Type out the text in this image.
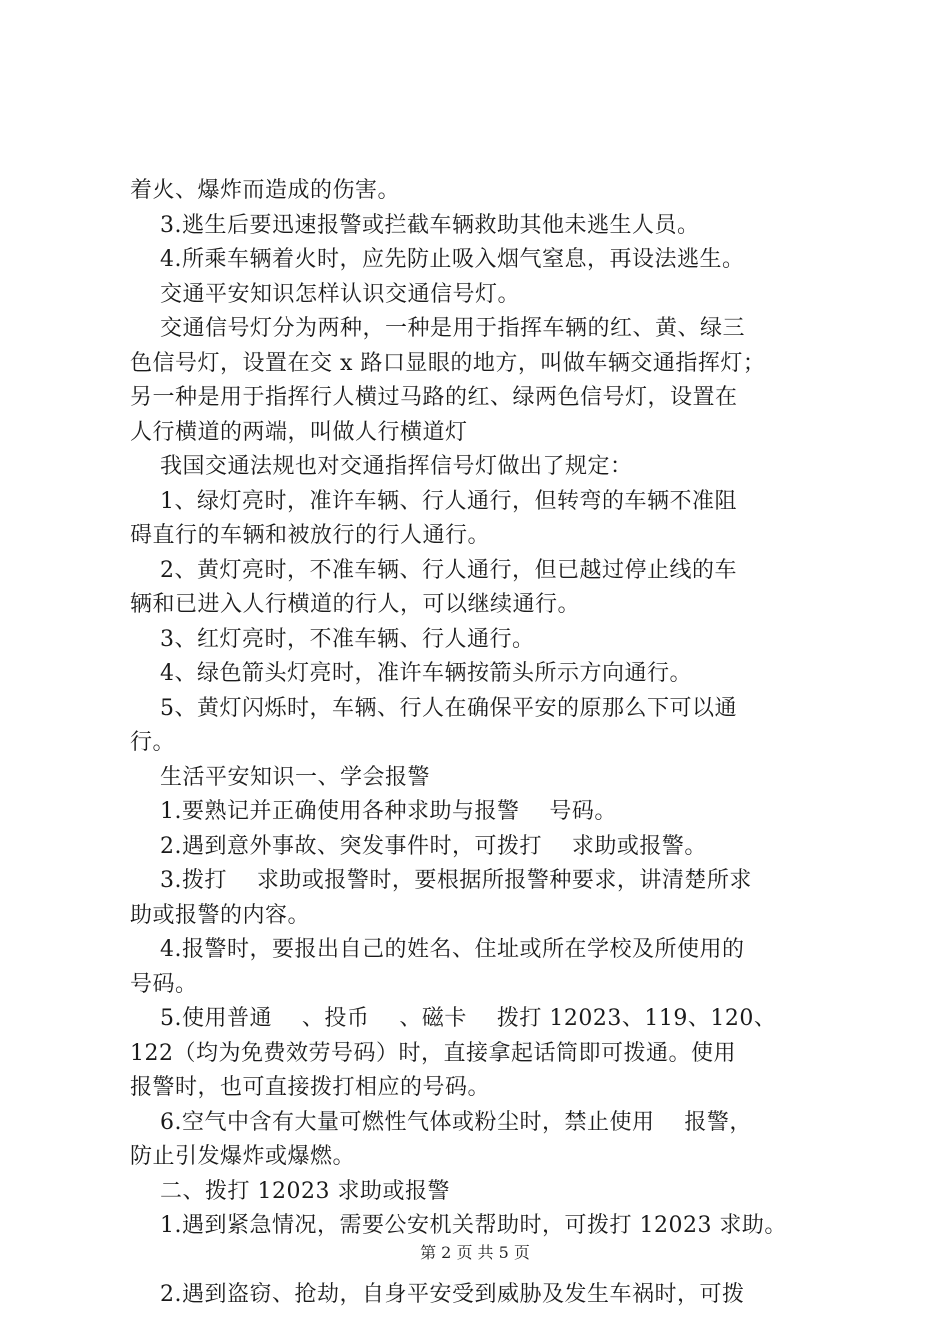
着火、爆炸而造成的伤害。
3.逃生后要迅速报警或拦截车辆救助其他未逃生人员。
4.所乘车辆着火时，应先防止吸入烟气窒息，再设法逃生。
交通平安知识怎样认识交通信号灯。
交通信号灯分为两种，一种是用于指挥车辆的红、黄、绿三
色信号灯，设置在交 x 路口显眼的地方，叫做车辆交通指挥灯；
另一种是用于指挥行人横过马路的红、绿两色信号灯，设置在
人行横道的两端，叫做人行横道灯
我国交通法规也对交通指挥信号灯做出了规定：
1、绿灯亮时，准许车辆、行人通行，但转弯的车辆不准阻
碍直行的车辆和被放行的行人通行。
2、黄灯亮时，不准车辆、行人通行，但已越过停止线的车
辆和已进入人行横道的行人，可以继续通行。
3、红灯亮时，不准车辆、行人通行。
4、绿色箭头灯亮时，准许车辆按箭头所示方向通行。
5、黄灯闪烁时，车辆、行人在确保平安的原那么下可以通
行。
生活平安知识一、学会报警
1.要熟记并正确使用各种求助与报警    号码。
2.遇到意外事故、突发事件时，可拨打    求助或报警。
3.拨打    求助或报警时，要根据所报警种要求，讲清楚所求
助或报警的内容。
4.报警时，要报出自己的姓名、住址或所在学校及所使用的
号码。
5.使用普通    、投币    、磁卡    拨打 12023、119、120、
122（均为免费效劳号码）时，直接拿起话筒即可拨通。使用
报警时，也可直接拨打相应的号码。
6.空气中含有大量可燃性气体或粉尘时，禁止使用    报警，
防止引发爆炸或爆燃。
二、拨打 12023 求助或报警
1.遇到紧急情况，需要公安机关帮助时，可拨打 12023 求助。
2.遇到盗窃、抢劫，自身平安受到威胁及发生车祸时，可拨
第 2 页 共 5 页
